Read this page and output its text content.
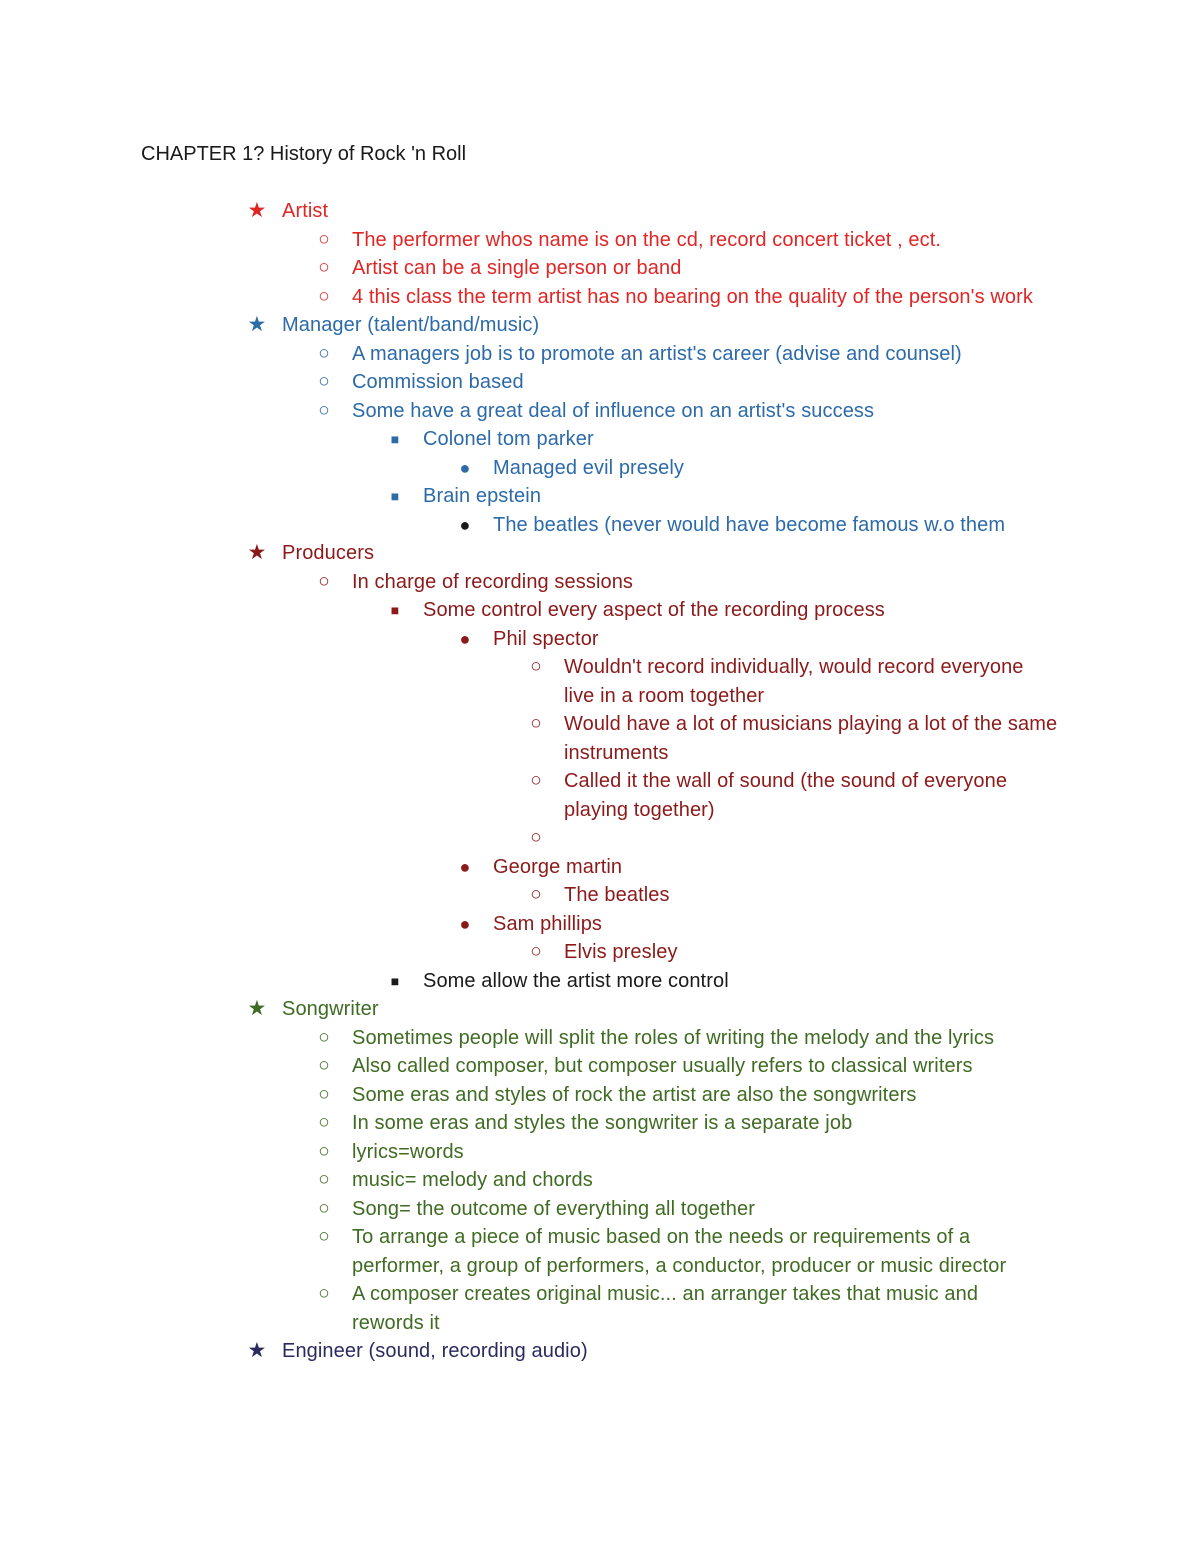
CHAPTER 1? History of Rock 'n Roll
★ Artist
○ The performer whos name is on the cd, record concert ticket , ect.
○ Artist can be a single person or band
○ 4 this class the term artist has no bearing on the quality of the person's work
★ Manager (talent/band/music)
○ A managers job is to promote an artist's career (advise and counsel)
○ Commission based
○ Some have a great deal of influence on an artist's success
■ Colonel tom parker
● Managed evil presely
■ Brain epstein
● The beatles (never would have become famous w.o them
★ Producers
○ In charge of recording sessions
■ Some control every aspect of the recording process
● Phil spector
○ Wouldn't record individually, would record everyone live in a room together
○ Would have a lot of musicians playing a lot of the same instruments
○ Called it the wall of sound (the sound of everyone playing together)
○

● George martin
○ The beatles
● Sam phillips
○ Elvis presley
■ Some allow the artist more control
★ Songwriter
○ Sometimes people will split the roles of writing the melody and the lyrics
○ Also called composer, but composer usually refers to classical writers
○ Some eras and styles of rock the artist are also the songwriters
○ In some eras and styles the songwriter is a separate job
○ lyrics=words
○ music= melody and chords
○ Song= the outcome of everything all together
○ To arrange a piece of music based on the needs or requirements of a performer, a group of performers, a conductor, producer or music director
○ A composer creates original music... an arranger takes that music and rewords it
★ Engineer (sound, recording audio)
